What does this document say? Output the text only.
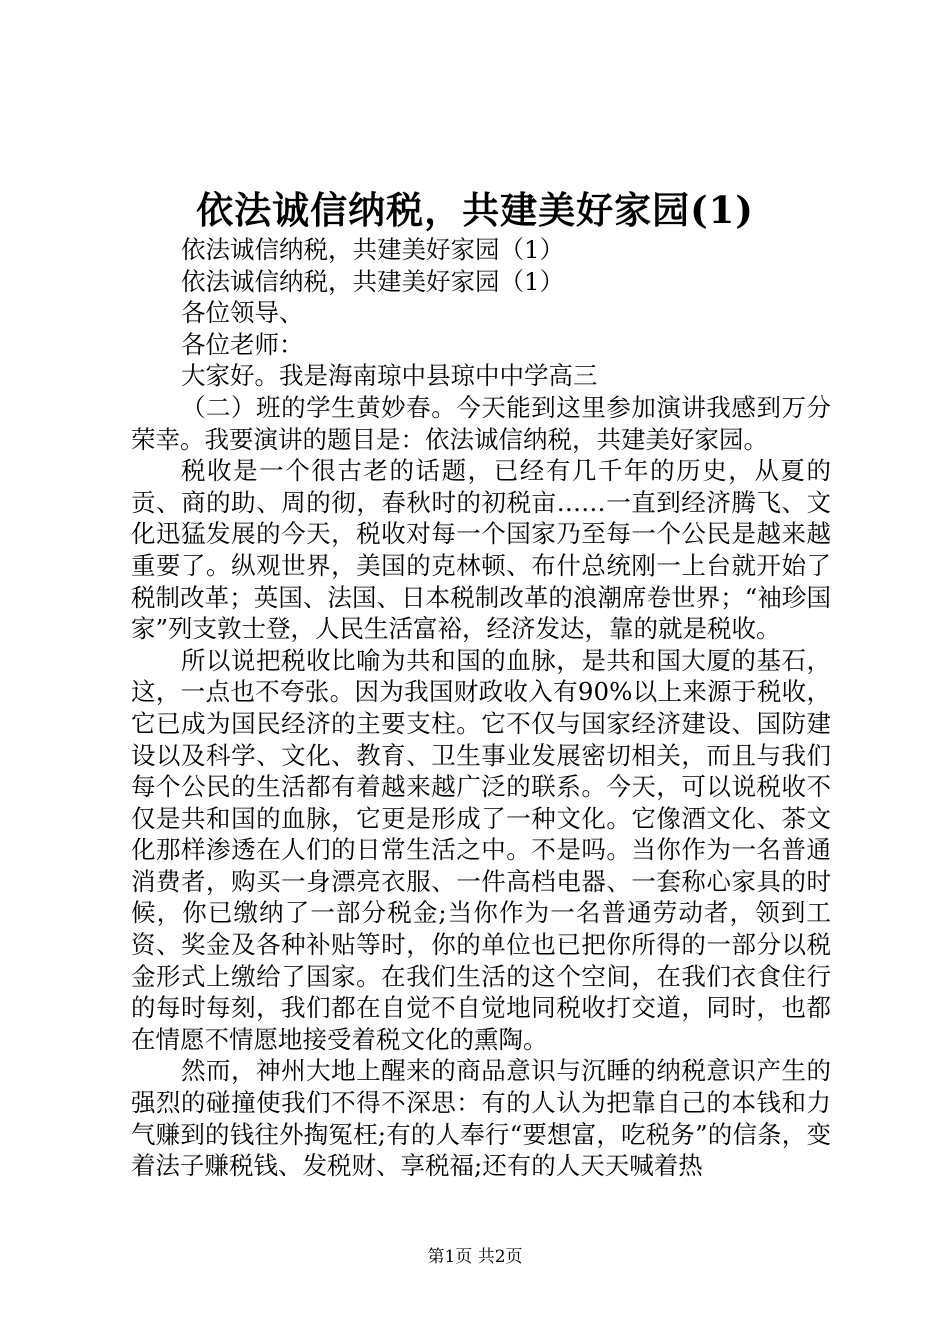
依法诚信纳税，共建美好家园(1)

依法诚信纳税，共建美好家园（1）

依法诚信纳税，共建美好家园（1）

各位领导、

各位老师：

大家好。我是海南琼中县琼中中学高三

（二）班的学生黄妙春。今天能到这里参加演讲我感到万分荣幸。我要演讲的题目是：依法诚信纳税，共建美好家园。

税收是一个很古老的话题，已经有几千年的历史，从夏的贡、商的助、周的彻，春秋时的初税亩……一直到经济腾飞、文化迅猛发展的今天，税收对每一个国家乃至每一个公民是越来越重要了。纵观世界，美国的克林顿、布什总统刚一上台就开始了税制改革；英国、法国、日本税制改革的浪潮席卷世界；“袖珍国家”列支敦士登，人民生活富裕，经济发达，靠的就是税收。

所以说把税收比喻为共和国的血脉，是共和国大厦的基石，这，一点也不夸张。因为我国财政收入有90%以上来源于税收，它已成为国民经济的主要支柱。它不仅与国家经济建设、国防建设以及科学、文化、教育、卫生事业发展密切相关，而且与我们每个公民的生活都有着越来越广泛的联系。今天，可以说税收不仅是共和国的血脉，它更是形成了一种文化。它像酒文化、茶文化那样渗透在人们的日常生活之中。不是吗。当你作为一名普通消费者，购买一身漂亮衣服、一件高档电器、一套称心家具的时候，你已缴纳了一部分税金;当你作为一名普通劳动者，领到工资、奖金及各种补贴等时，你的单位也已把你所得的一部分以税金形式上缴给了国家。在我们生活的这个空间，在我们衣食住行的每时每刻，我们都在自觉不自觉地同税收打交道，同时，也都在情愿不情愿地接受着税文化的熏陶。

然而，神州大地上醒来的商品意识与沉睡的纳税意识产生的强烈的碰撞使我们不得不深思：有的人认为把靠自己的本钱和力气赚到的钱往外掏冤枉;有的人奉行“要想富，吃税务”的信条，变着法子赚税钱、发税财、享税福;还有的人天天喊着热

第1页 共2页
